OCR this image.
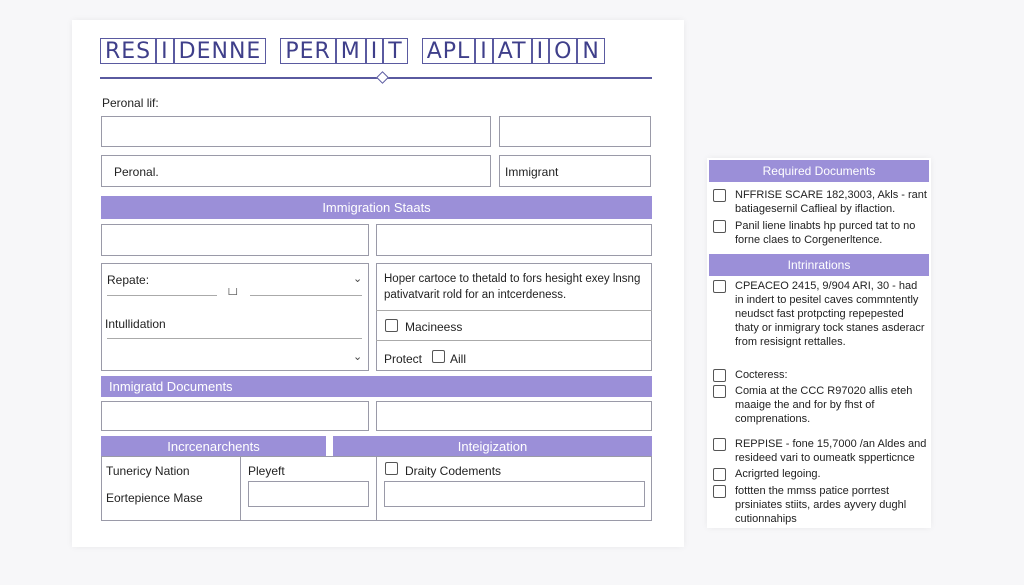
RES I DENNE PER M I T APL I AT I O N
Peronal lif:
Peronal.	Immigrant
Immigration Staats
Repate:	⌄
└┘
Intullidation
⌄
Hoper cartoce to thetald to fors hesight exey lnsng
pativatvarit rold for an intcerdeness.
Macineess
Protect Aill
Inmigratd Documents
Incrcenarchents	Inteigization
Tunericy Nation
Eortepience Mase
Pleyeft	Draity Codements
Required Documents
NFFRISE SCARE 182,3003, Akls - rant
batiagesernil Caflieal by iflaction.
Panil liene linabts hp purced tat to no
forne claes to Corgenerltence.
Intrinrations
CPEACEO 2415, 9/904 ARI, 30 - had in indert to pesitel caves commntently neudsct fast protpcting repepested thaty or inmigrary tock stanes asderacr from resisignt rettalles.
Cocteress:
Comia at the CCC R97020 allis eteh maaige the and for by fhst of comprenations.
REPPISE - fone 15,7000 /an Aldes and resideed vari to oumeatk spperticnce
Acrigrted legoing.
fottten the mmss patice porrtest prsiniates stiits, ardes ayvery dughl cutionnahips
